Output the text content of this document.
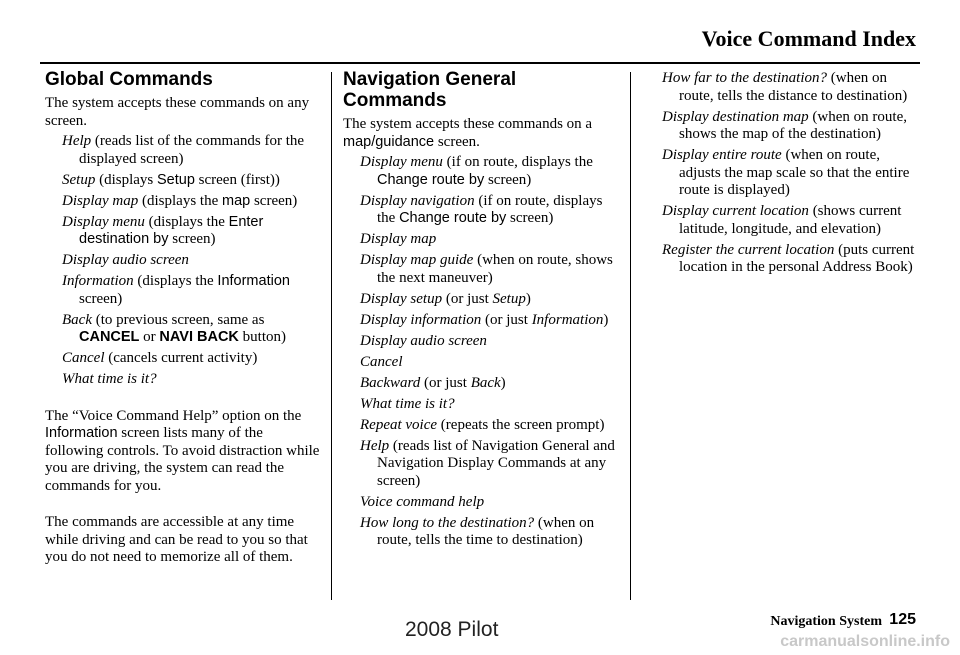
Voice Command Index
Global Commands

The system accepts these commands on any screen.

Help (reads list of the commands for the displayed screen)

Setup (displays Setup screen (first))

Display map (displays the map screen)

Display menu (displays the Enter destination by screen)

Display audio screen

Information (displays the Information screen)

Back (to previous screen, same as CANCEL or NAVI BACK button)

Cancel (cancels current activity)

What time is it?

The “Voice Command Help” option on the Information screen lists many of the following controls. To avoid distraction while you are driving, the system can read the commands for you.

The commands are accessible at any time while driving and can be read to you so that you do not need to memorize all of them.

Navigation General Commands

The system accepts these commands on a map/guidance screen.

Display menu (if on route, displays the Change route by screen)

Display navigation (if on route, displays the Change route by screen)

Display map

Display map guide (when on route, shows the next maneuver)

Display setup (or just Setup)

Display information (or just Information)

Display audio screen

Cancel

Backward (or just Back)

What time is it?

Repeat voice (repeats the screen prompt)

Help (reads list of Navigation General and Navigation Display Commands at any screen)

Voice command help

How long to the destination? (when on route, tells the time to destination)

How far to the destination? (when on route, tells the distance to destination)

Display destination map (when on route, shows the map of the destination)

Display entire route (when on route, adjusts the map scale so that the entire route is displayed)

Display current location (shows current latitude, longitude, and elevation)

Register the current location (puts current location in the personal Address Book)

Navigation System 125
2008 Pilot
carmanualsonline.info
